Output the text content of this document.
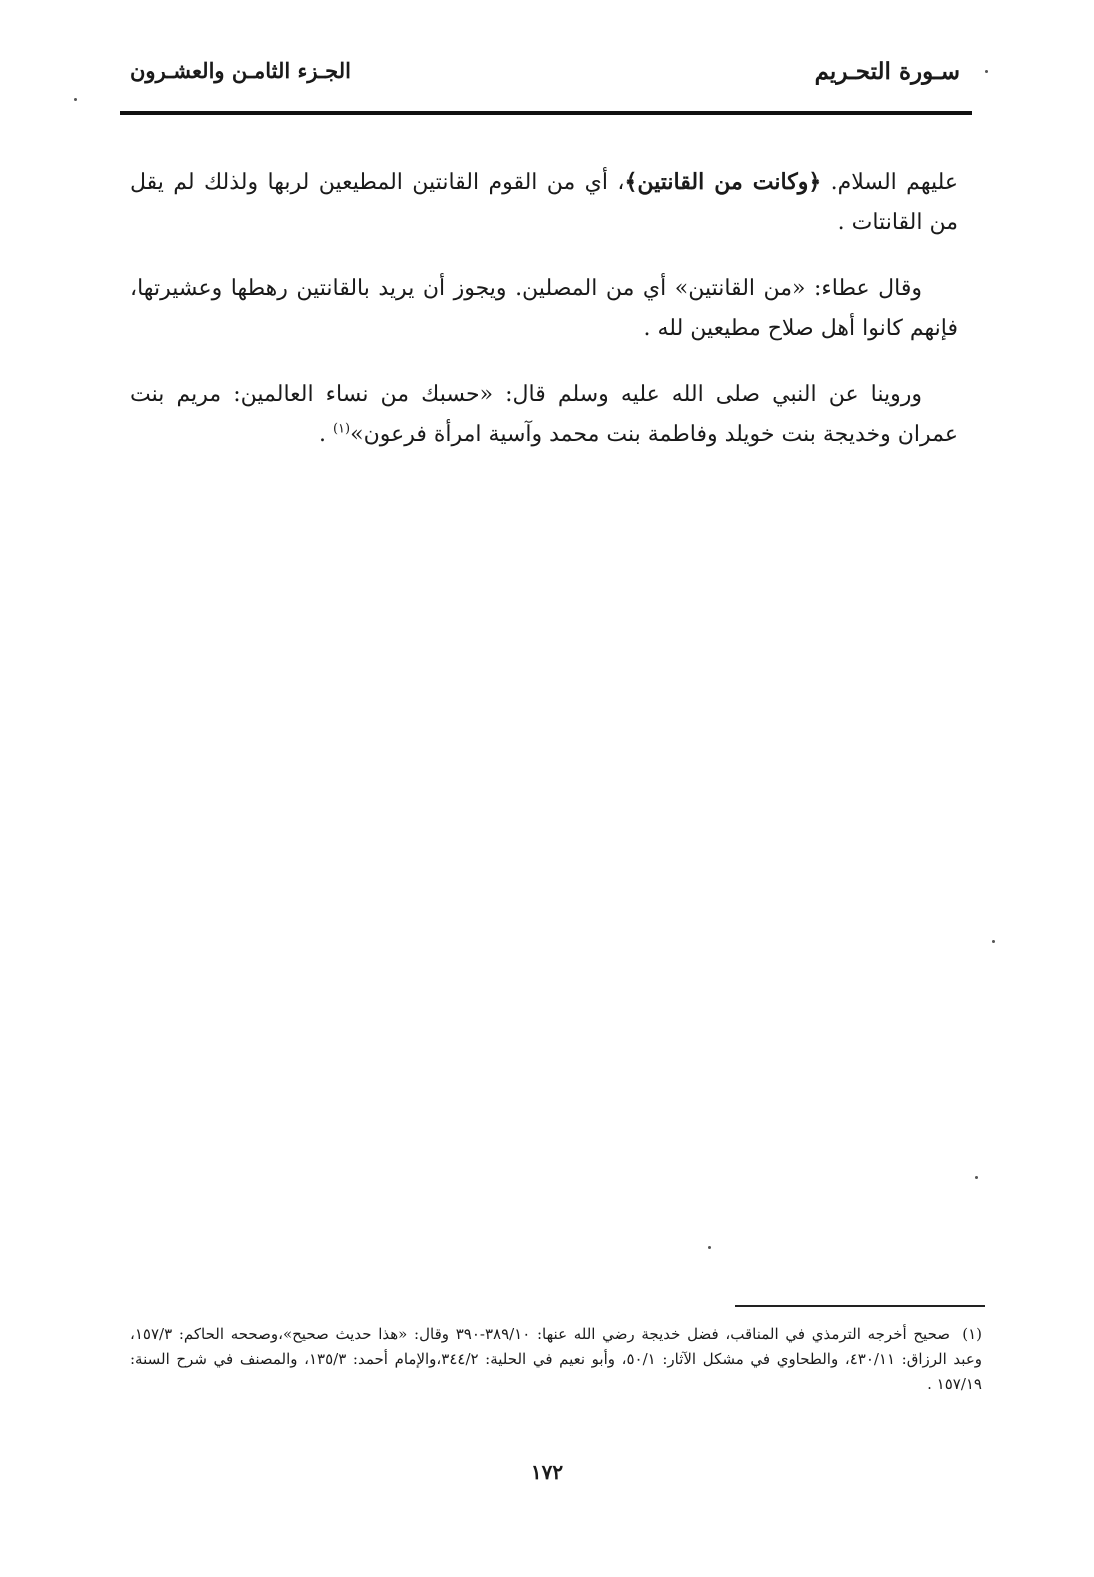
سـورة التحـريم
الجـزء الثامـن والعشـرون

عليهم السلام. ﴿وكانت من القانتين﴾، أي من القوم القانتين المطيعين لربها ولذلك لم يقل من القانتات .

وقال عطاء: «من القانتين» أي من المصلين. ويجوز أن يريد بالقانتين رهطها وعشيرتها، فإنهم كانوا أهل صلاح مطيعين لله .

وروينا عن النبي صلى الله عليه وسلم قال: «حسبك من نساء العالمين: مريم بنت عمران وخديجة بنت خويلد وفاطمة بنت محمد وآسية امرأة فرعون»$^{(١)}$ .

(١)صحيح أخرجه الترمذي في المناقب، فضل خديجة رضي الله عنها: ٣٨٩/١٠-٣٩٠ وقال: «هذا حديث صحيح»،وصححه الحاكم: ١٥٧/٣، وعبد الرزاق: ٤٣٠/١١، والطحاوي في مشكل الآثار: ٥٠/١، وأبو نعيم في الحلية: ٣٤٤/٢،والإمام أحمد: ١٣٥/٣، والمصنف في شرح السنة: ١٥٧/١٩ .
١٧٢
